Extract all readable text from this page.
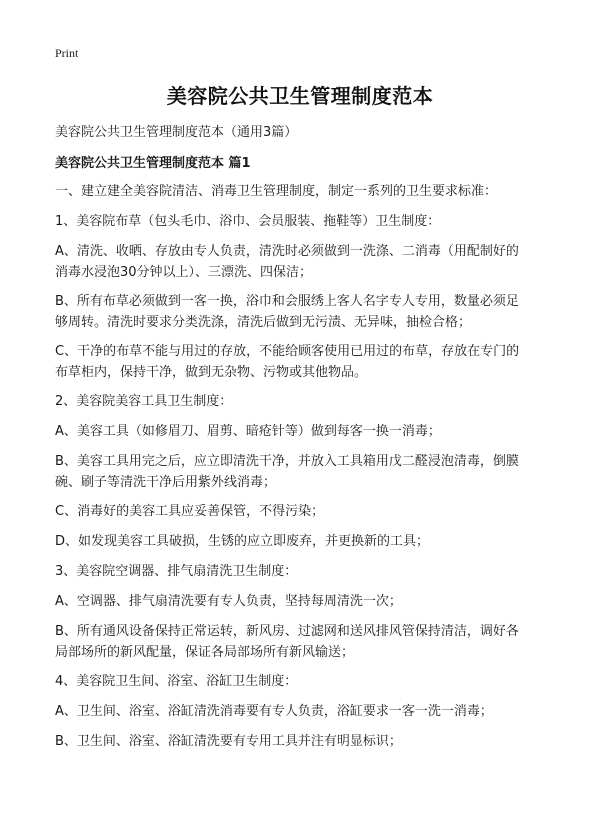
Print
美容院公共卫生管理制度范本
美容院公共卫生管理制度范本（通用3篇）
美容院公共卫生管理制度范本 篇1
一、建立建全美容院清洁、消毒卫生管理制度，制定一系列的卫生要求标准：
1、美容院布草（包头毛巾、浴巾、会员服装、拖鞋等）卫生制度：
A、清洗、收晒、存放由专人负责，清洗时必须做到一洗涤、二消毒（用配制好的
消毒水浸泡30分钟以上）、三漂洗、四保洁；
B、所有布草必须做到一客一换，浴巾和会服绣上客人名字专人专用，数量必须足
够周转。清洗时要求分类洗涤，清洗后做到无污渍、无异味，抽检合格；
C、干净的布草不能与用过的存放，不能给顾客使用已用过的布草，存放在专门的
布草柜内，保持干净，做到无杂物、污物或其他物品。
2、美容院美容工具卫生制度：
A、美容工具（如修眉刀、眉剪、暗疮针等）做到每客一换一消毒；
B、美容工具用完之后，应立即清洗干净，并放入工具箱用戊二醛浸泡清毒，倒膜
碗、刷子等清洗干净后用紫外线消毒；
C、消毒好的美容工具应妥善保管，不得污染；
D、如发现美容工具破损，生锈的应立即废弃，并更换新的工具；
3、美容院空调器、排气扇清洗卫生制度：
A、空调器、排气扇清洗要有专人负责，坚持每周清洗一次；
B、所有通风设备保持正常运转，新风房、过滤网和送风排风管保持清洁，调好各
局部场所的新风配量，保证各局部场所有新风输送；
4、美容院卫生间、浴室、浴缸卫生制度：
A、卫生间、浴室、浴缸清洗消毒要有专人负责，浴缸要求一客一洗一消毒；
B、卫生间、浴室、浴缸清洗要有专用工具并注有明显标识；
